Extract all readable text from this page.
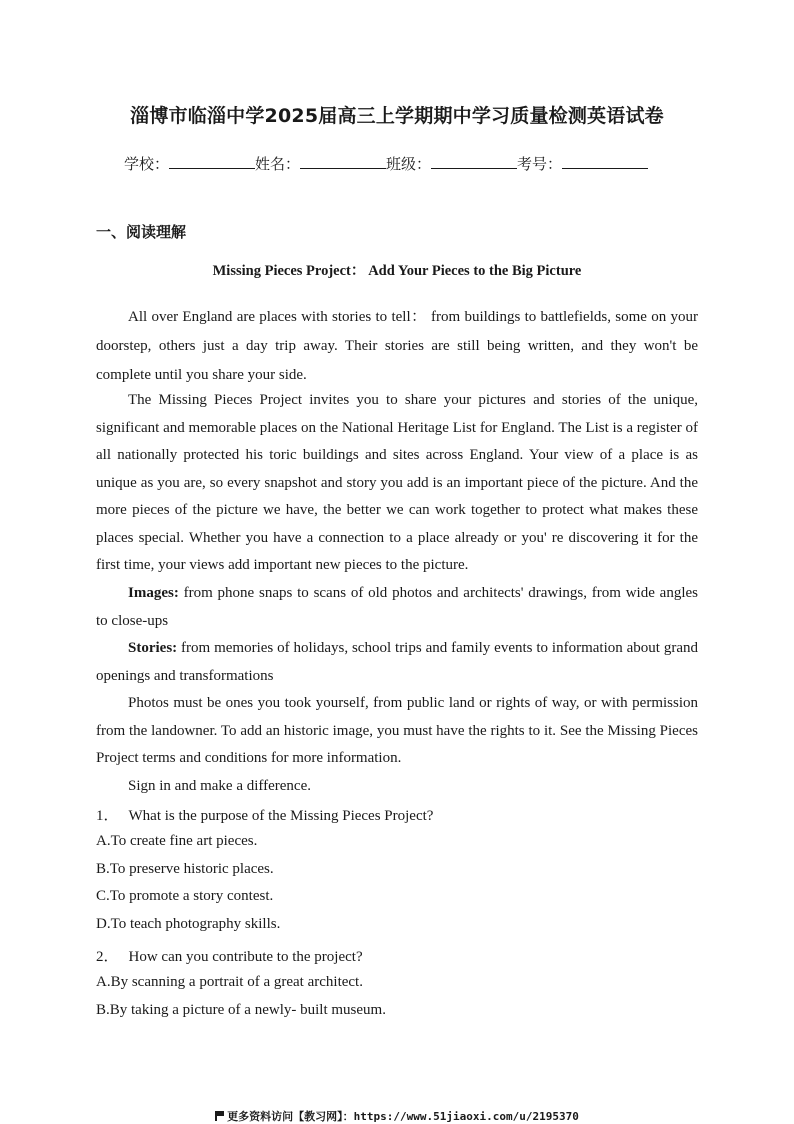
淄博市临淄中学2025届高三上学期期中学习质量检测英语试卷
学校：	姓名：	班级：	考号：
一、阅读理解
Missing Pieces Project： Add Your Pieces to the Big Picture
All over England are places with stories to tell： from buildings to battlefields, some on your doorstep, others just a day trip away. Their stories are still being written, and they won't be complete until you share your side.
The Missing Pieces Project invites you to share your pictures and stories of the unique, significant and memorable places on the National Heritage List for England. The List is a register of all nationally protected his toric buildings and sites across England. Your view of a place is as unique as you are, so every snapshot and story you add is an important piece of the picture. And the more pieces of the picture we have, the better we can work together to protect what makes these places special. Whether you have a connection to a place already or you' re discovering it for the first time, your views add important new pieces to the picture.
Images: from phone snaps to scans of old photos and architects' drawings, from wide angles to close-ups
Stories: from memories of holidays, school trips and family events to information about grand openings and transformations
Photos must be ones you took yourself, from public land or rights of way, or with permission from the landowner. To add an historic image, you must have the rights to it. See the Missing Pieces Project terms and conditions for more information.
Sign in and make a difference.
1． What is the purpose of the Missing Pieces Project?
A.To create fine art pieces.
B.To preserve historic places.
C.To promote a story contest.
D.To teach photography skills.
2． How can you contribute to the project?
A.By scanning a portrait of a great architect.
B.By taking a picture of a newly- built museum.
更多资料访问【教习网】：https://www.51jiaoxi.com/u/2195370
